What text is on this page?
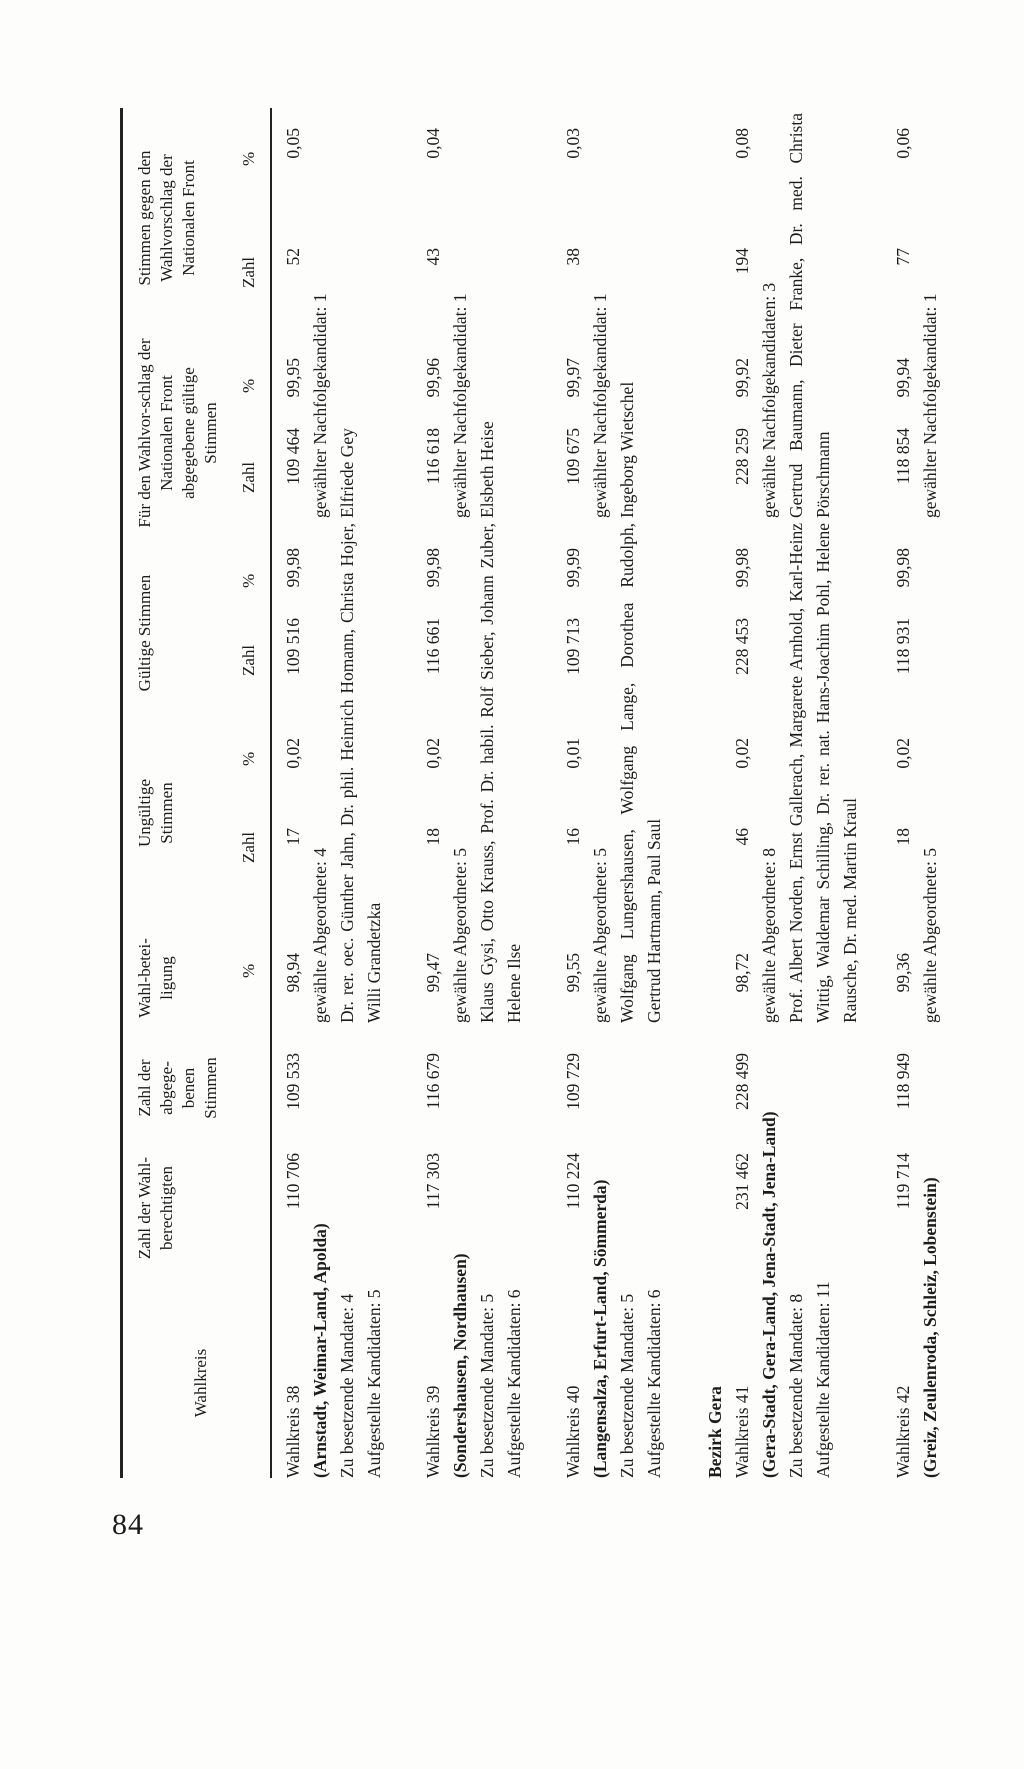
84
Wahlkreis
Zahl der Wahl-berechtigten
Zahl der abgege-benen Stimmen
Wahl-betei-ligung
Ungültige Stimmen
Gültige Stimmen
Für den Wahlvor-schlag der Nationalen Front abgegebene gültige Stimmen
Stimmen gegen den Wahlvorschlag der Nationalen Front
%
Zahl
%
Zahl
%
Zahl
%
Zahl
%
Wahlkreis 38 (Arnstadt, Weimar-Land, Apolda) Zu besetzende Mandate: 4 Aufgestellte Kandidaten: 5
110 706
109 533
98,94
17
0,02
109 516
99,98
109 464
99,95
52
0,05
gewählte Abgeordnete: 4
gewählter Nachfolgekandidat: 1
Dr. rer. oec. Günther Jahn, Dr. phil. Heinrich Homann, Christa Hojer, Willi Grandetzka
Elfriede Gey
Wahlkreis 39 (Sondershausen, Nordhausen) Zu besetzende Mandate: 5 Aufgestellte Kandidaten: 6
117 303
116 679
99,47
18
0,02
116 661
99,98
116 618
99,96
43
0,04
gewählte Abgeordnete: 5
gewählter Nachfolgekandidat: 1
Klaus Gysi, Otto Krauss, Prof. Dr. habil. Rolf Sieber, Johann Zuber, Helene Ilse
Elsbeth Heise
Wahlkreis 40 (Langensalza, Erfurt-Land, Sömmerda) Zu besetzende Mandate: 5 Aufgestellte Kandidaten: 6
110 224
109 729
99,55
16
0,01
109 713
99,99
109 675
99,97
38
0,03
gewählte Abgeordnete: 5
gewählter Nachfolgekandidat: 1
Wolfgang Lungershausen, Wolfgang Lange, Dorothea Rudolph, Gertrud Hartmann, Paul Saul
Ingeborg Wietschel
Bezirk Gera Wahlkreis 41 (Gera-Stadt, Gera-Land, Jena-Stadt, Jena-Land) Zu besetzende Mandate: 8 Aufgestellte Kandidaten: 11
231 462
228 499
98,72
46
0,02
228 453
99,98
228 259
99,92
194
0,08
gewählte Abgeordnete: 8
gewählte Nachfolgekandidaten: 3
Prof. Albert Norden, Ernst Gallerach, Margarete Arnhold, Karl-Heinz Wittig, Waldemar Schilling, Dr. rer. nat. Hans-Joachim Pohl, Helene Rausche, Dr. med. Martin Kraul
Gertrud Baumann, Dieter Franke, Dr. med. Christa Pörschmann
Wahlkreis 42 (Greiz, Zeulenroda, Schleiz, Lobenstein)
119 714
118 949
99,36
18
0,02
118 931
99,98
118 854
99,94
77
0,06
gewählte Abgeordnete: 5
gewählter Nachfolgekandidat: 1
